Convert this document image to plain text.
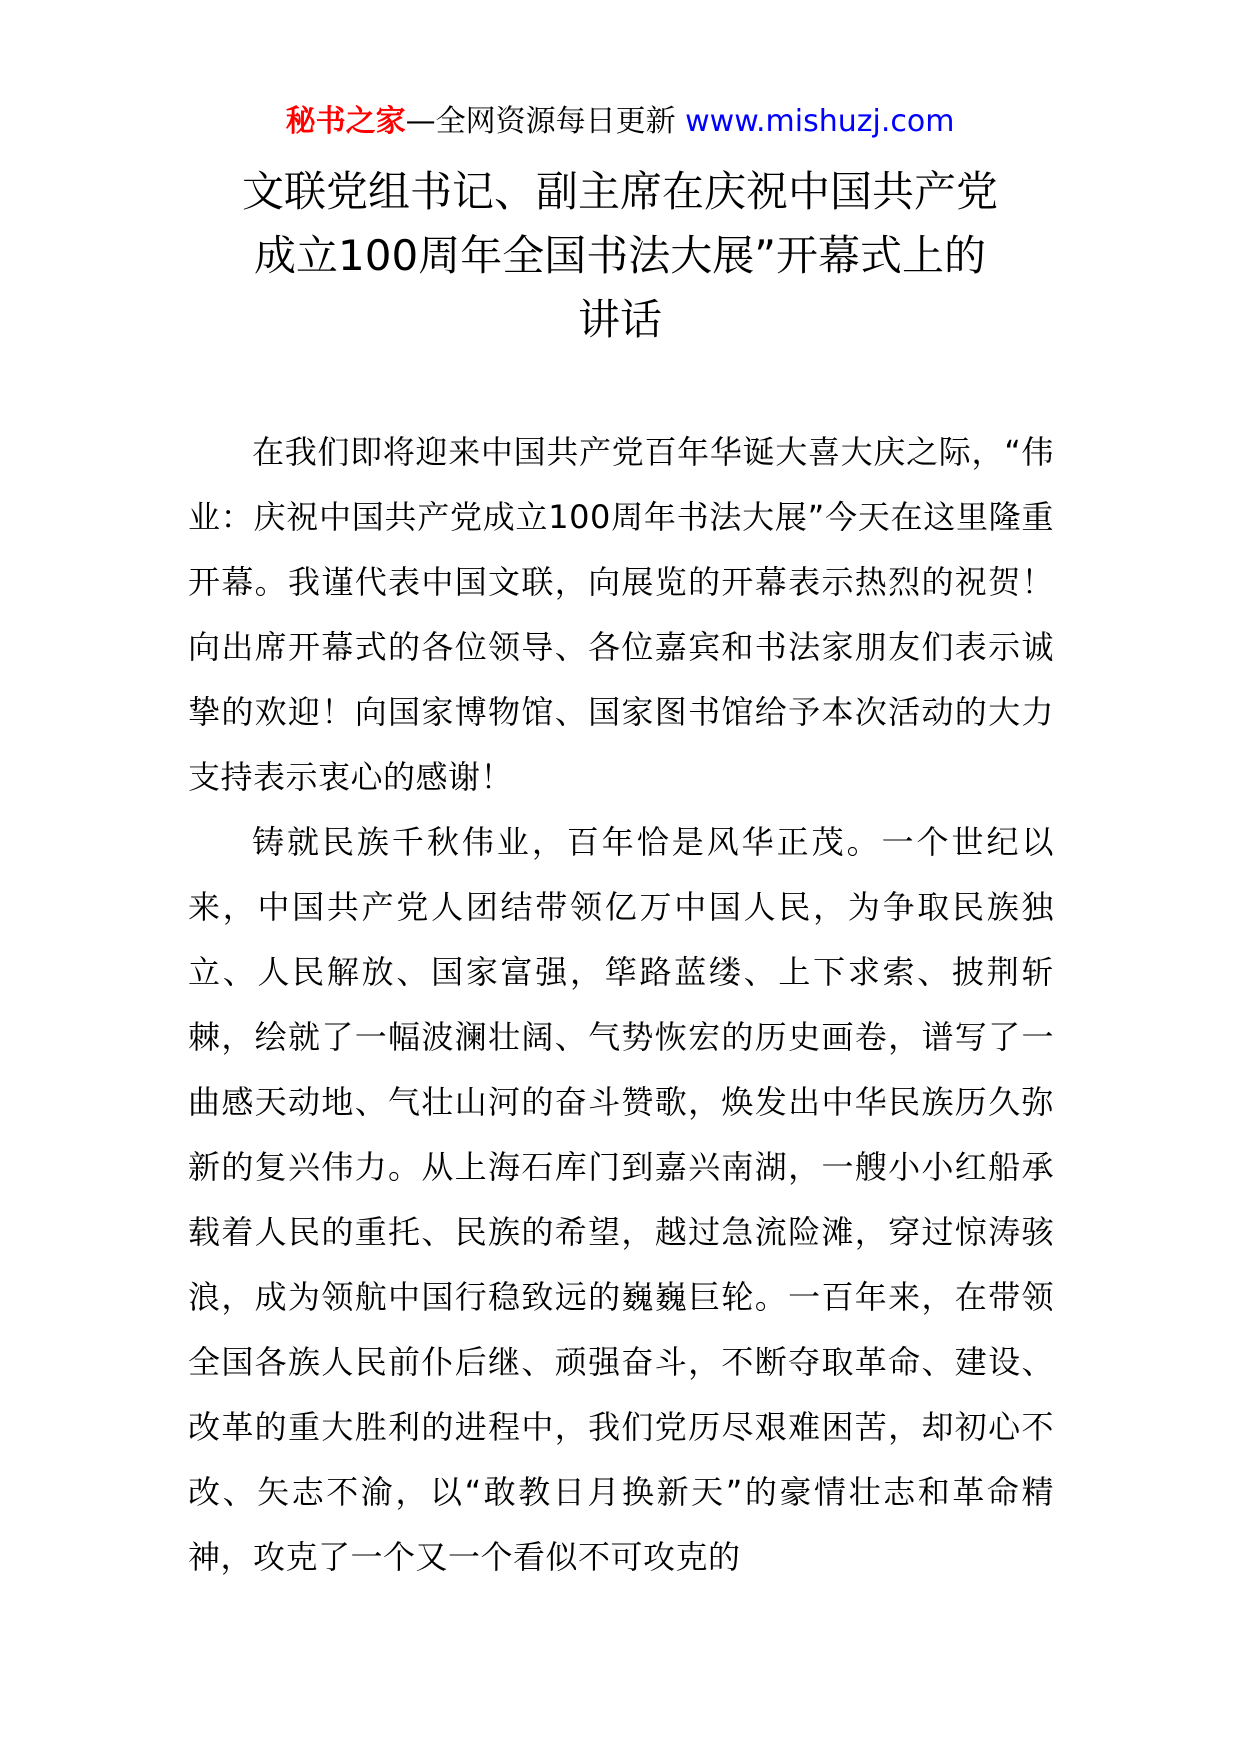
秘书之家—全网资源每日更新 www.mishuzj.com
文联党组书记、副主席在庆祝中国共产党
成立100周年全国书法大展”开幕式上的
讲话

在我们即将迎来中国共产党百年华诞大喜大庆之际，“伟业：庆祝中国共产党成立100周年书法大展”今天在这里隆重开幕。我谨代表中国文联，向展览的开幕表示热烈的祝贺！向出席开幕式的各位领导、各位嘉宾和书法家朋友们表示诚挚的欢迎！向国家博物馆、国家图书馆给予本次活动的大力支持表示衷心的感谢！

铸就民族千秋伟业，百年恰是风华正茂。一个世纪以来，中国共产党人团结带领亿万中国人民，为争取民族独立、人民解放、国家富强，筚路蓝缕、上下求索、披荆斩棘，绘就了一幅波澜壮阔、气势恢宏的历史画卷，谱写了一曲感天动地、气壮山河的奋斗赞歌，焕发出中华民族历久弥新的复兴伟力。从上海石库门到嘉兴南湖，一艘小小红船承载着人民的重托、民族的希望，越过急流险滩，穿过惊涛骇浪，成为领航中国行稳致远的巍巍巨轮。一百年来，在带领全国各族人民前仆后继、顽强奋斗，不断夺取革命、建设、改革的重大胜利的进程中，我们党历尽艰难困苦，却初心不改、矢志不渝，以“敢教日月换新天”的豪情壮志和革命精神，攻克了一个又一个看似不可攻克的
